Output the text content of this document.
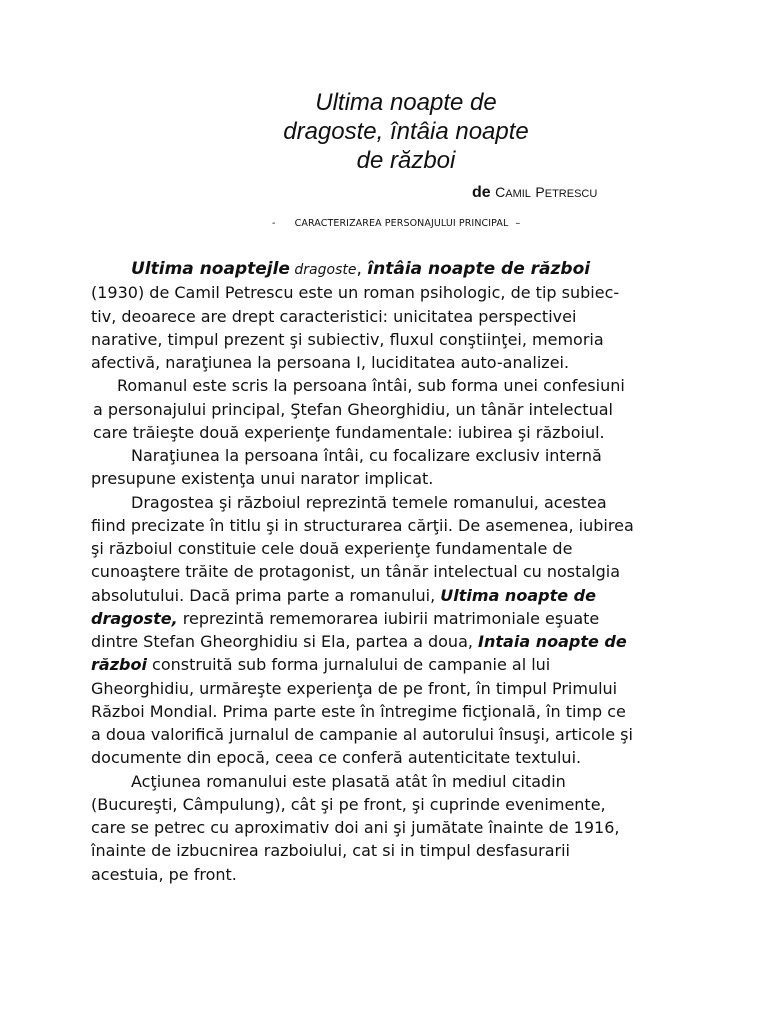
Ultima noapte de
dragoste, întâia noapte
de război
de CAMIL PETRESCU
- CARACTERIZAREA PERSONAJULUI PRINCIPAL –
Ultima noaptejle dragoste, întâia noapte de război
(1930) de Camil Petrescu este un roman psihologic, de tip subiec-
tiv, deoarece are drept caracteristici: unicitatea perspectivei
narative, timpul prezent şi subiectiv, fluxul conştiinţei, memoria
afectivă, naraţiunea la persoana I, luciditatea auto-analizei.
Romanul este scris la persoana întâi, sub forma unei confesiuni
a personajului principal, Ştefan Gheorghidiu, un tânăr intelectual
care trăieşte două experienţe fundamentale: iubirea şi războiul.
Naraţiunea la persoana întâi, cu focalizare exclusiv internă
presupune existenţa unui narator implicat.
Dragostea şi războiul reprezintă temele romanului, acestea
fiind precizate în titlu şi in structurarea cărţii. De asemenea, iubirea
şi războiul constituie cele două experienţe fundamentale de
cunoaştere trăite de protagonist, un tânăr intelectual cu nostalgia
absolutului. Dacă prima parte a romanului, Ultima noapte de
dragoste, reprezintă rememorarea iubirii matrimoniale eşuate
dintre Stefan Gheorghidiu si Ela, partea a doua, Intaia noapte de
război construită sub forma jurnalului de campanie al lui
Gheorghidiu, urmăreşte experienţa de pe front, în timpul Primului
Război Mondial. Prima parte este în întregime ficţională, în timp ce
a doua valorifică jurnalul de campanie al autorului însuşi, articole şi
documente din epocă, ceea ce conferă autenticitate textului.
Acţiunea romanului este plasată atât în mediul citadin
(Bucureşti, Câmpulung), cât şi pe front, şi cuprinde evenimente,
care se petrec cu aproximativ doi ani şi jumătate înainte de 1916,
înainte de izbucnirea razboiului, cat si in timpul desfasurarii
acestuia, pe front.
